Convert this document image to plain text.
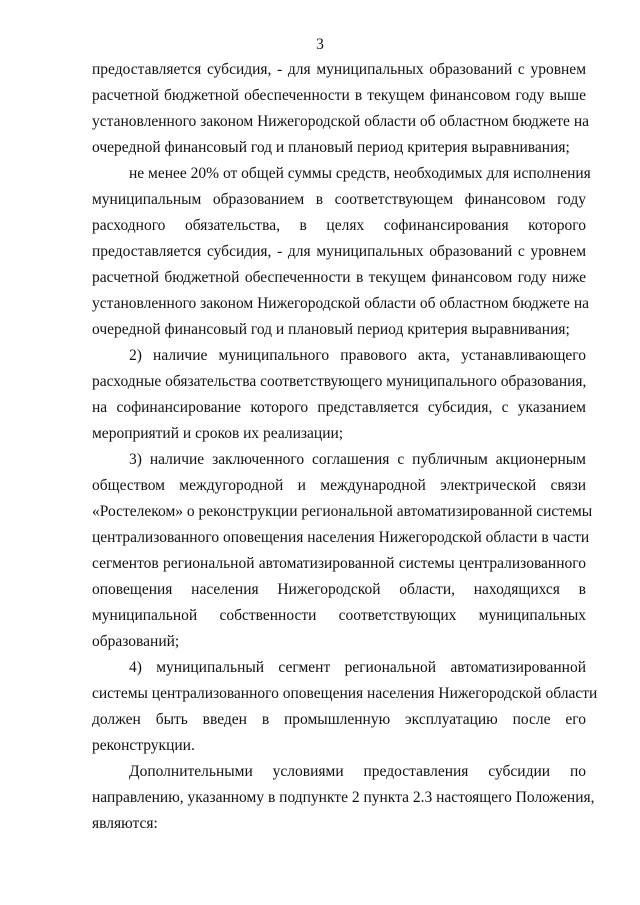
3
предоставляется субсидия, - для муниципальных образований с уровнем
расчетной бюджетной обеспеченности в текущем финансовом году выше
установленного законом Нижегородской области об областном бюджете на
очередной финансовый год и плановый период критерия выравнивания;
не менее 20% от общей суммы средств, необходимых для исполнения
муниципальным образованием в соответствующем финансовом году
расходного обязательства, в целях софинансирования которого
предоставляется субсидия, - для муниципальных образований с уровнем
расчетной бюджетной обеспеченности в текущем финансовом году ниже
установленного законом Нижегородской области об областном бюджете на
очередной финансовый год и плановый период критерия выравнивания;
2) наличие муниципального правового акта, устанавливающего
расходные обязательства соответствующего муниципального образования,
на софинансирование которого представляется субсидия, с указанием
мероприятий и сроков их реализации;
3) наличие заключенного соглашения с публичным акционерным
обществом междугородной и международной электрической связи
«Ростелеком» о реконструкции региональной автоматизированной системы
централизованного оповещения населения Нижегородской области в части
сегментов региональной автоматизированной системы централизованного
оповещения населения Нижегородской области, находящихся в
муниципальной собственности соответствующих муниципальных
образований;
4) муниципальный сегмент региональной автоматизированной
системы централизованного оповещения населения Нижегородской области
должен быть введен в промышленную эксплуатацию после его
реконструкции.
Дополнительными условиями предоставления субсидии по
направлению, указанному в подпункте 2 пункта 2.3 настоящего Положения,
являются:
